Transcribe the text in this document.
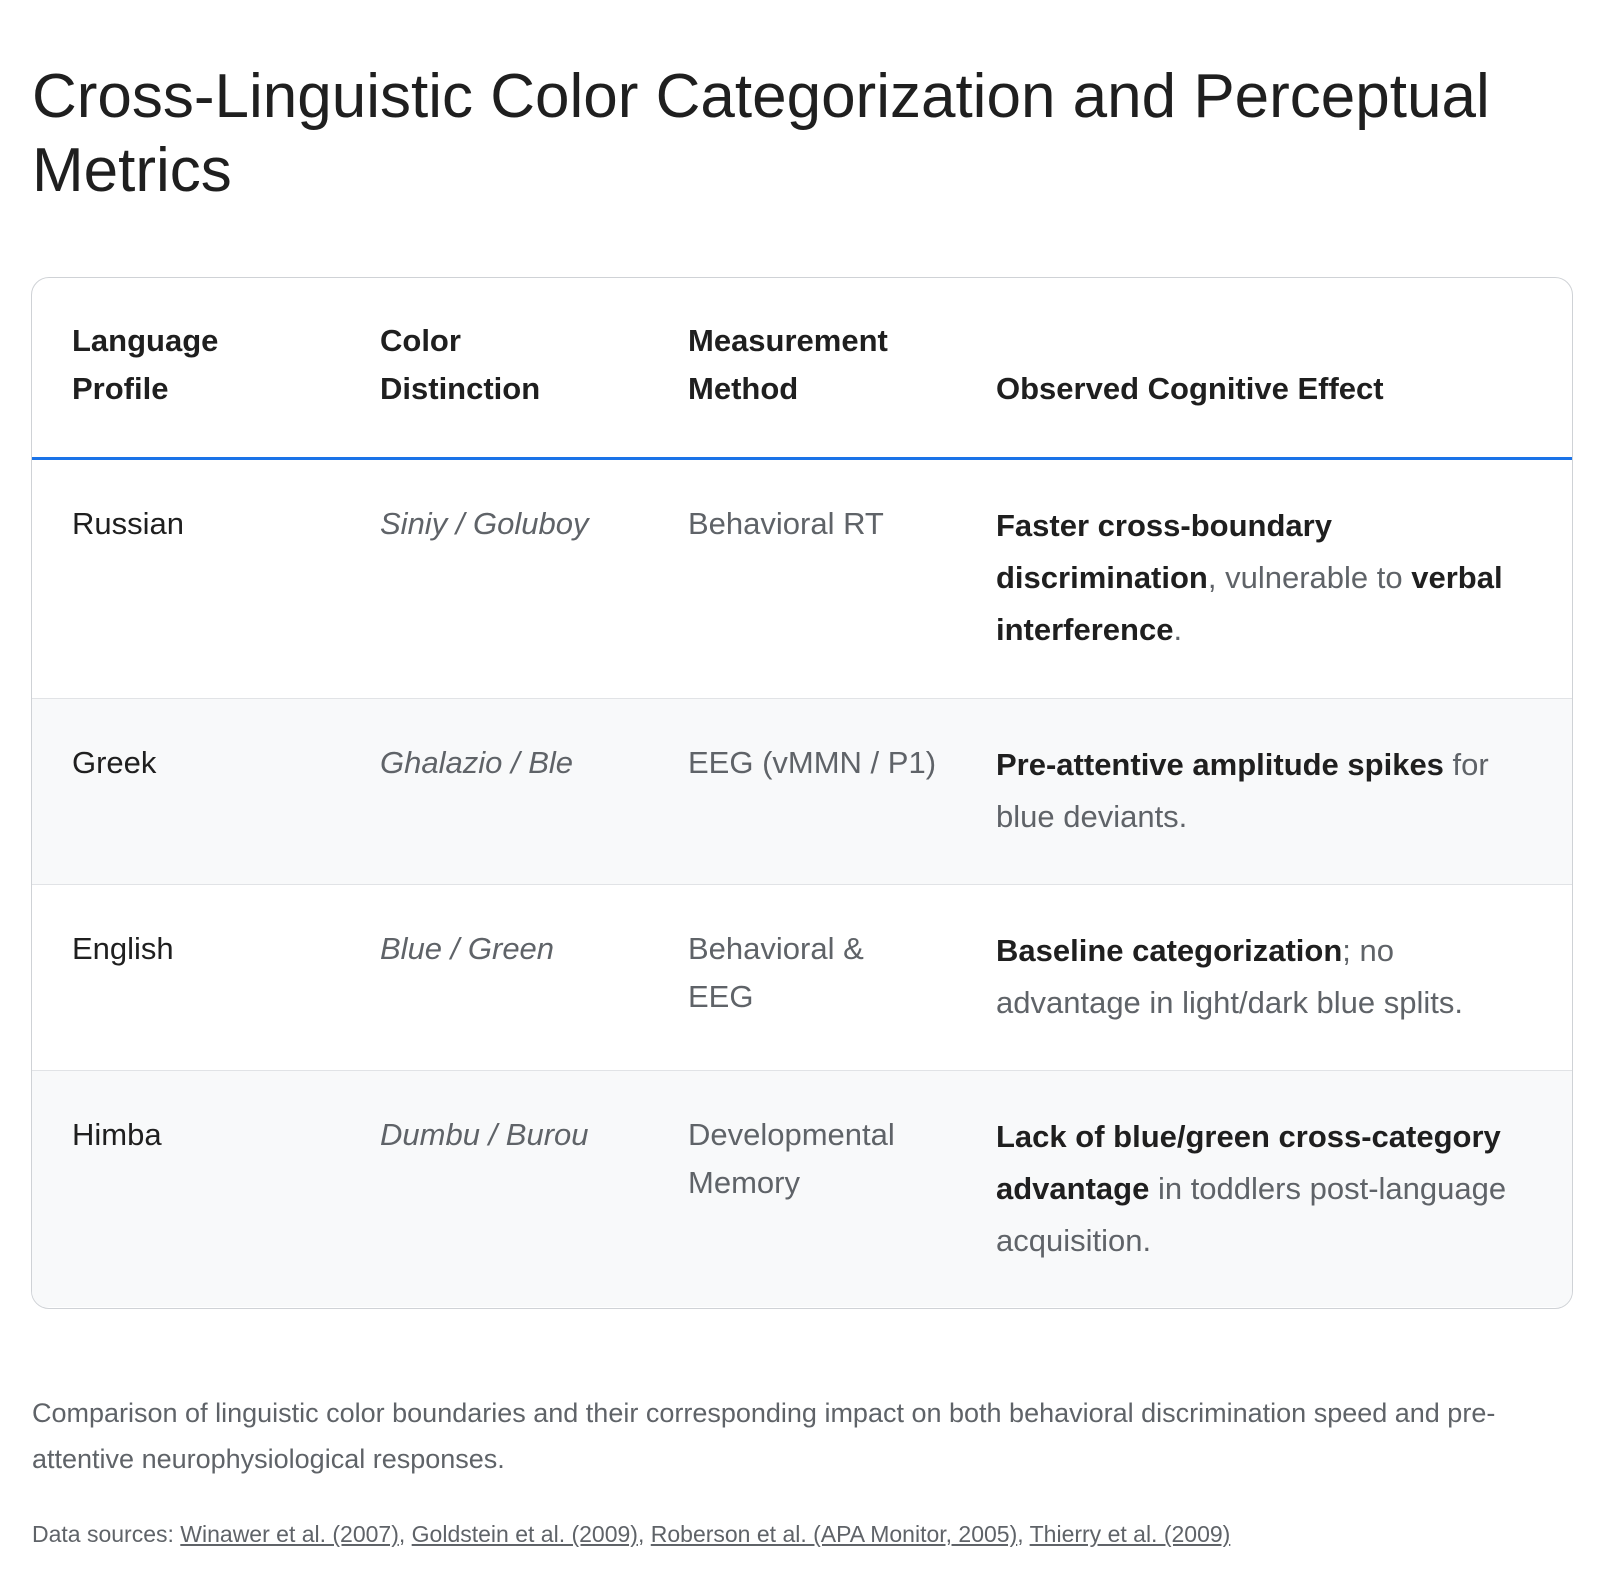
Cross-Linguistic Color Categorization and Perceptual Metrics
Language Profile	Color Distinction	Measurement Method	Observed Cognitive Effect
Russian	Siniy / Goluboy	Behavioral RT	Faster cross-boundary discrimination, vulnerable to verbal interference.
Greek	Ghalazio / Ble	EEG (vMMN / P1)	Pre-attentive amplitude spikes for blue deviants.
English	Blue / Green	Behavioral & EEG	Baseline categorization; no advantage in light/dark blue splits.
Himba	Dumbu / Burou	Developmental Memory	Lack of blue/green cross-category advantage in toddlers post-language acquisition.

Comparison of linguistic color boundaries and their corresponding impact on both behavioral discrimination speed and pre-attentive neurophysiological responses.

Data sources: Winawer et al. (2007), Goldstein et al. (2009), Roberson et al. (APA Monitor, 2005), Thierry et al. (2009)
